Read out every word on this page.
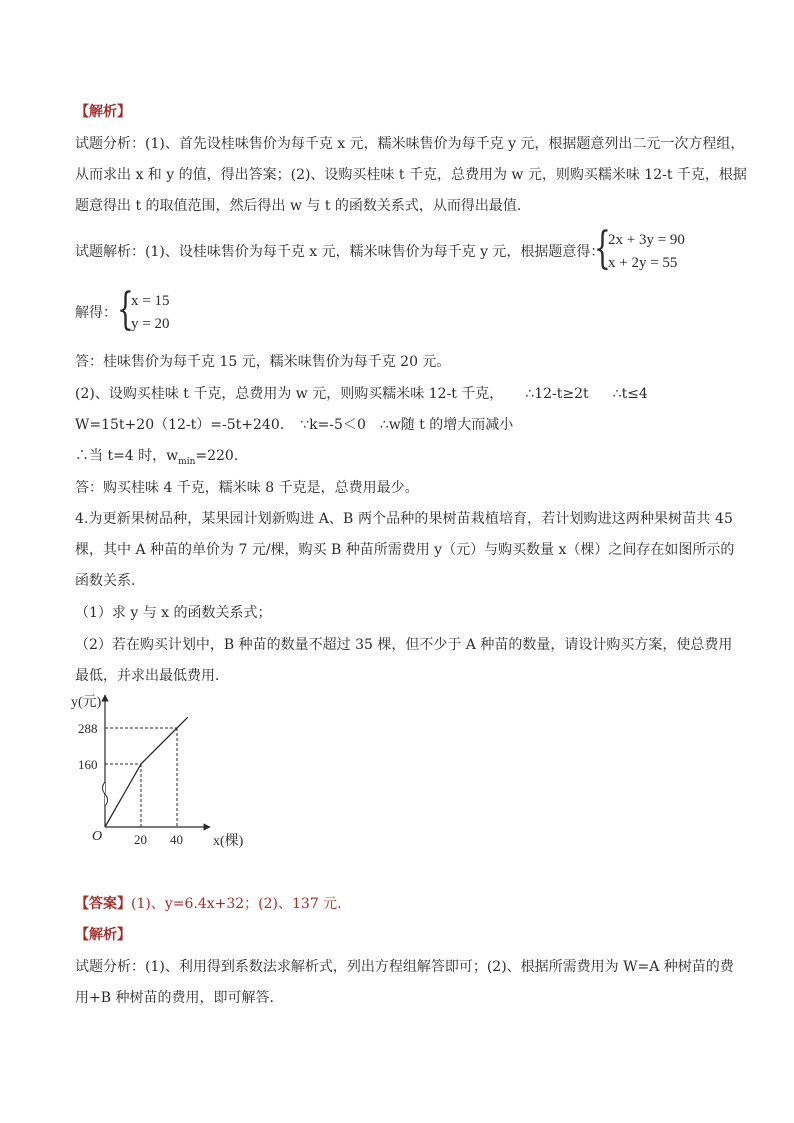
【解析】
试题分析：(1)、首先设桂味售价为每千克 x 元，糯米味售价为每千克 y 元，根据题意列出二元一次方程组，
从而求出 x 和 y 的值，得出答案；(2)、设购买桂味 t 千克，总费用为 w 元，则购买糯米味 12-t 千克，根据
题意得出 t 的取值范围，然后得出 w 与 t 的函数关系式，从而得出最值.
试题解析：(1)、设桂味售价为每千克 x 元，糯米味售价为每千克 y 元，根据题意得：
{
2x + 3y = 90
x + 2y = 55
解得： {
x = 15
y = 20
答：桂味售价为每千克 15 元，糯米味售价为每千克 20 元。
(2)、设购买桂味 t 千克，总费用为 w 元，则购买糯米味 12-t 千克， ∴12-t≥2t ∴t≤4
W=15t+20（12-t）=-5t+240. ∵k=-5＜0 ∴w随 t 的增大而减小
∴当 t=4 时，$w_{min}=220$.
答：购买桂味 4 千克，糯米味 8 千克是，总费用最少。
4.为更新果树品种，某果园计划新购进 A、B 两个品种的果树苗栽植培育，若计划购进这两种果树苗共 45
棵，其中 A 种苗的单价为 7 元/棵，购买 B 种苗所需费用 y（元）与购买数量 x（棵）之间存在如图所示的
函数关系．
（1）求 y 与 x 的函数关系式；
（2）若在购买计划中，B 种苗的数量不超过 35 棵，但不少于 A 种苗的数量，请设计购买方案，使总费用
最低，并求出最低费用．
160
20
288
40
y(元)
x(棵)
O
【答案】(1)、y=6.4x+32；(2)、137 元.
【解析】
试题分析：(1)、利用得到系数法求解析式，列出方程组解答即可；(2)、根据所需费用为 W=A 种树苗的费
用+B 种树苗的费用，即可解答．
